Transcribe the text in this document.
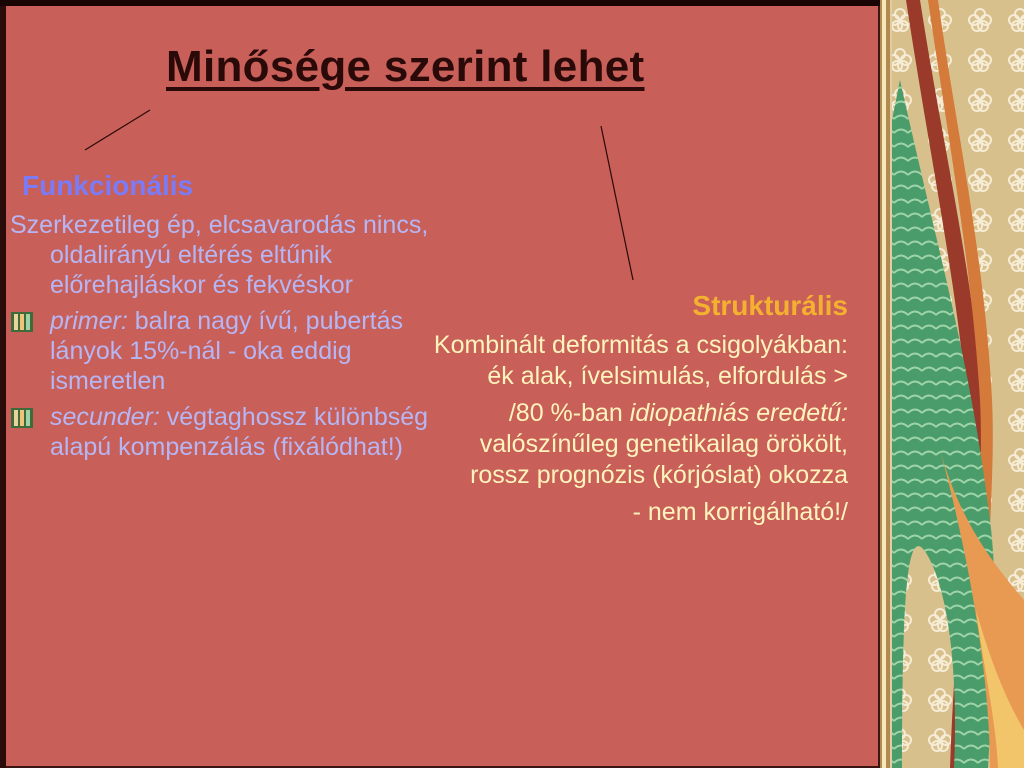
Minősége szerint lehet
Funkcionális
Szerkezetileg ép, elcsavarodás nincs, oldalirányú eltérés eltűnik előrehajláskor és fekvéskor
primer: balra nagy ívű, pubertás lányok 15%-nál - oka eddig ismeretlen
secunder: végtaghossz különbség alapú kompenzálás (fixálódhat!)
Strukturális
Kombinált deformitás a csigolyákban: ék alak, ívelsimulás, elfordulás >
/80 %-ban idiopathiás eredetű: valószínűleg genetikailag örökölt, rossz prognózis (kórjóslat) okozza
- nem korrigálható!/
